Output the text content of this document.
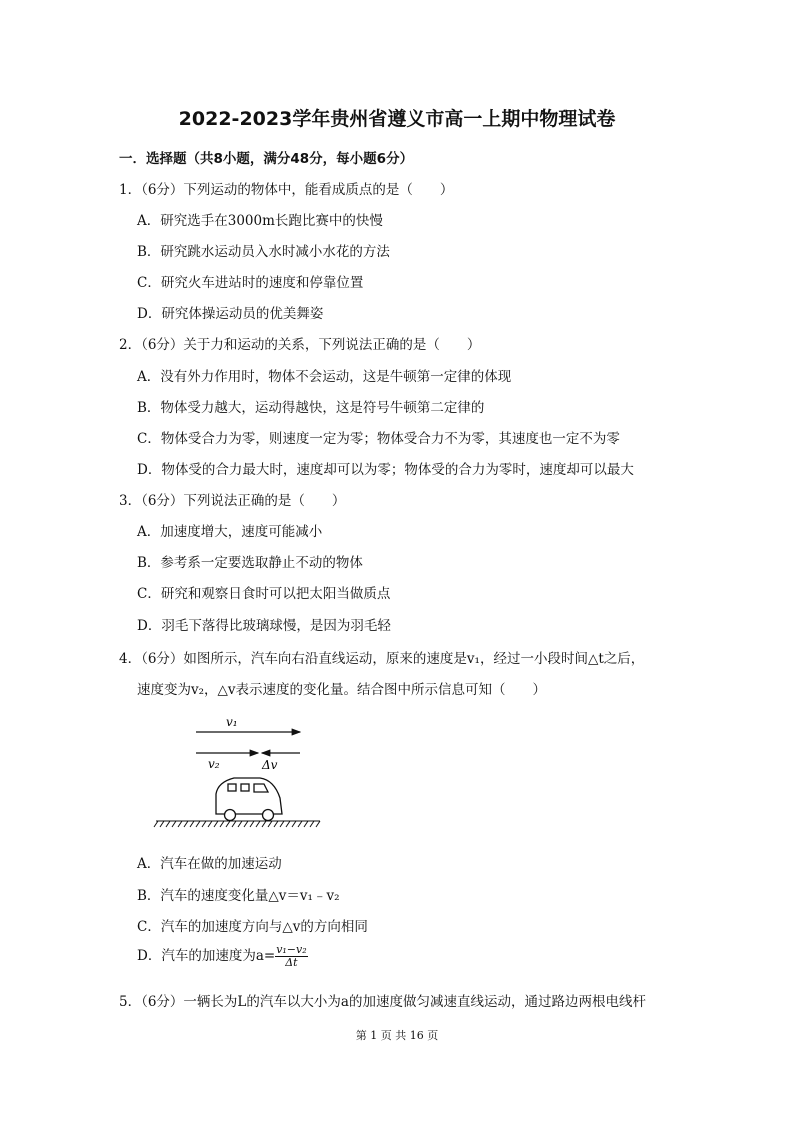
2022-2023学年贵州省遵义市高一上期中物理试卷
一．选择题（共8小题，满分48分，每小题6分）
1．（6分）下列运动的物体中，能看成质点的是（　　）
A．研究选手在3000m长跑比赛中的快慢
B．研究跳水运动员入水时减小水花的方法
C．研究火车进站时的速度和停靠位置
D．研究体操运动员的优美舞姿
2．（6分）关于力和运动的关系，下列说法正确的是（　　）
A．没有外力作用时，物体不会运动，这是牛顿第一定律的体现
B．物体受力越大，运动得越快，这是符号牛顿第二定律的
C．物体受合力为零，则速度一定为零；物体受合力不为零，其速度也一定不为零
D．物体受的合力最大时，速度却可以为零；物体受的合力为零时，速度却可以最大
3．（6分）下列说法正确的是（　　）
A．加速度增大，速度可能减小
B．参考系一定要选取静止不动的物体
C．研究和观察日食时可以把太阳当做质点
D．羽毛下落得比玻璃球慢，是因为羽毛轻
4．（6分）如图所示，汽车向右沿直线运动，原来的速度是v₁，经过一小段时间△t之后，
速度变为v₂，△v表示速度的变化量。结合图中所示信息可知（　　）
v₁
v₂	Δv
A．汽车在做的加速运动
B．汽车的速度变化量△v＝v₁﹣v₂
C．汽车的加速度方向与△v的方向相同
D．汽车的加速度为$a= \frac{\text{v₁−v₂}}{\Delta t}$
5．（6分）一辆长为L的汽车以大小为a的加速度做匀减速直线运动，通过路边两根电线杆
第 1 页 共 16 页
